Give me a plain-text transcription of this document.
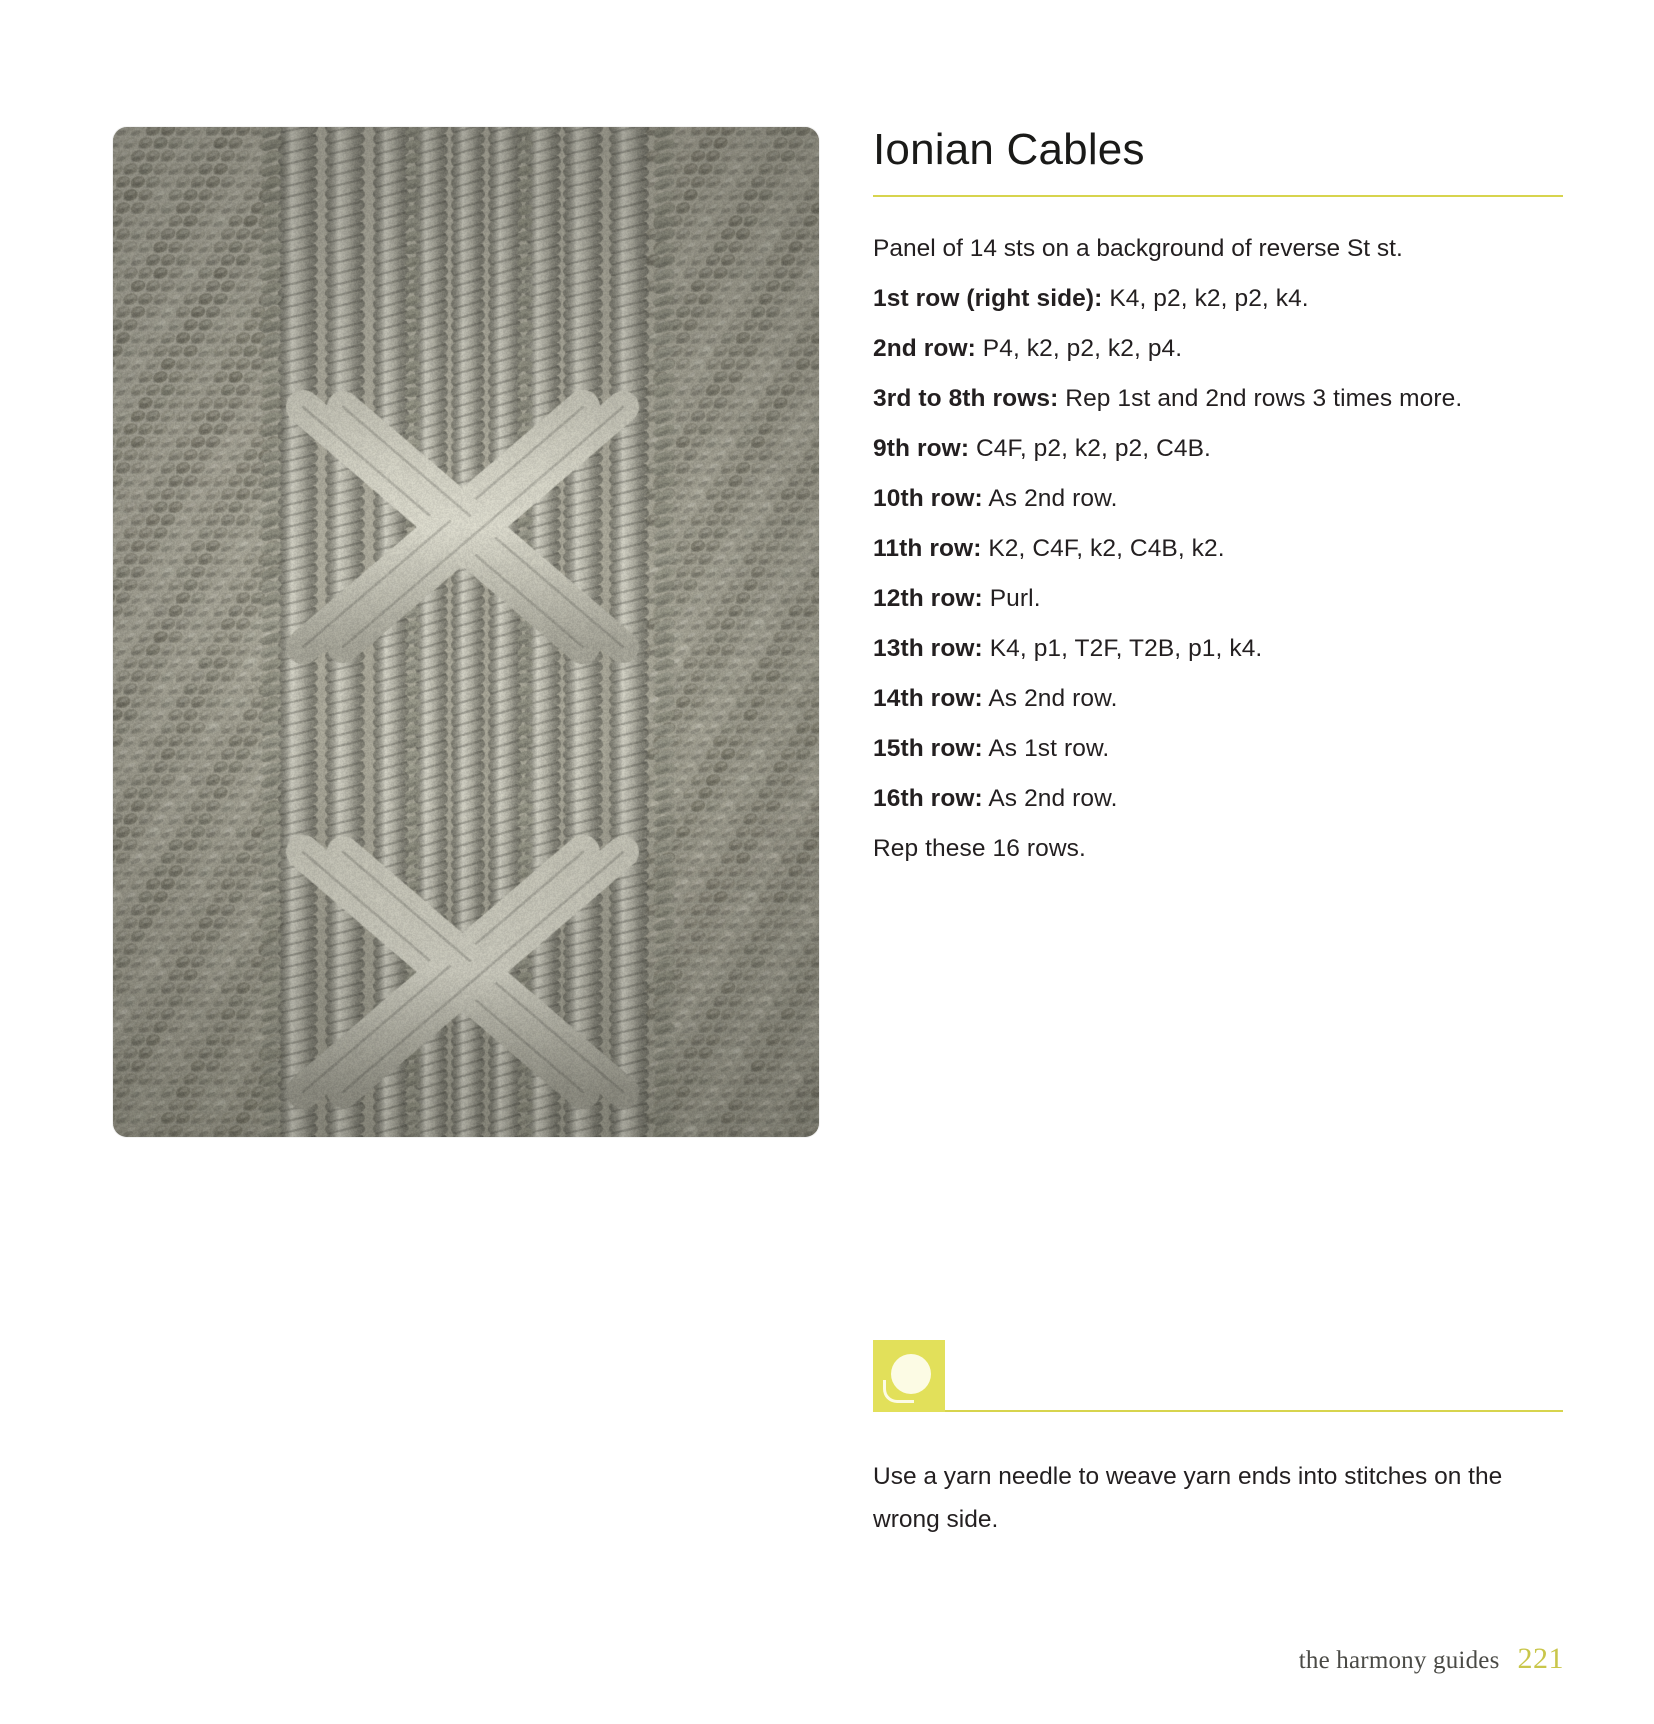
Ionian Cables

Panel of 14 sts on a background of reverse St st.

1st row (right side): K4, p2, k2, p2, k4.
2nd row: P4, k2, p2, k2, p4.
3rd to 8th rows: Rep 1st and 2nd rows 3 times more.
9th row: C4F, p2, k2, p2, C4B.
10th row: As 2nd row.
11th row: K2, C4F, k2, C4B, k2.
12th row: Purl.
13th row: K4, p1, T2F, T2B, p1, k4.
14th row: As 2nd row.
15th row: As 1st row.
16th row: As 2nd row.
Rep these 16 rows.
Use a yarn needle to weave yarn ends into stitches on the wrong side.
the harmony guides 221
